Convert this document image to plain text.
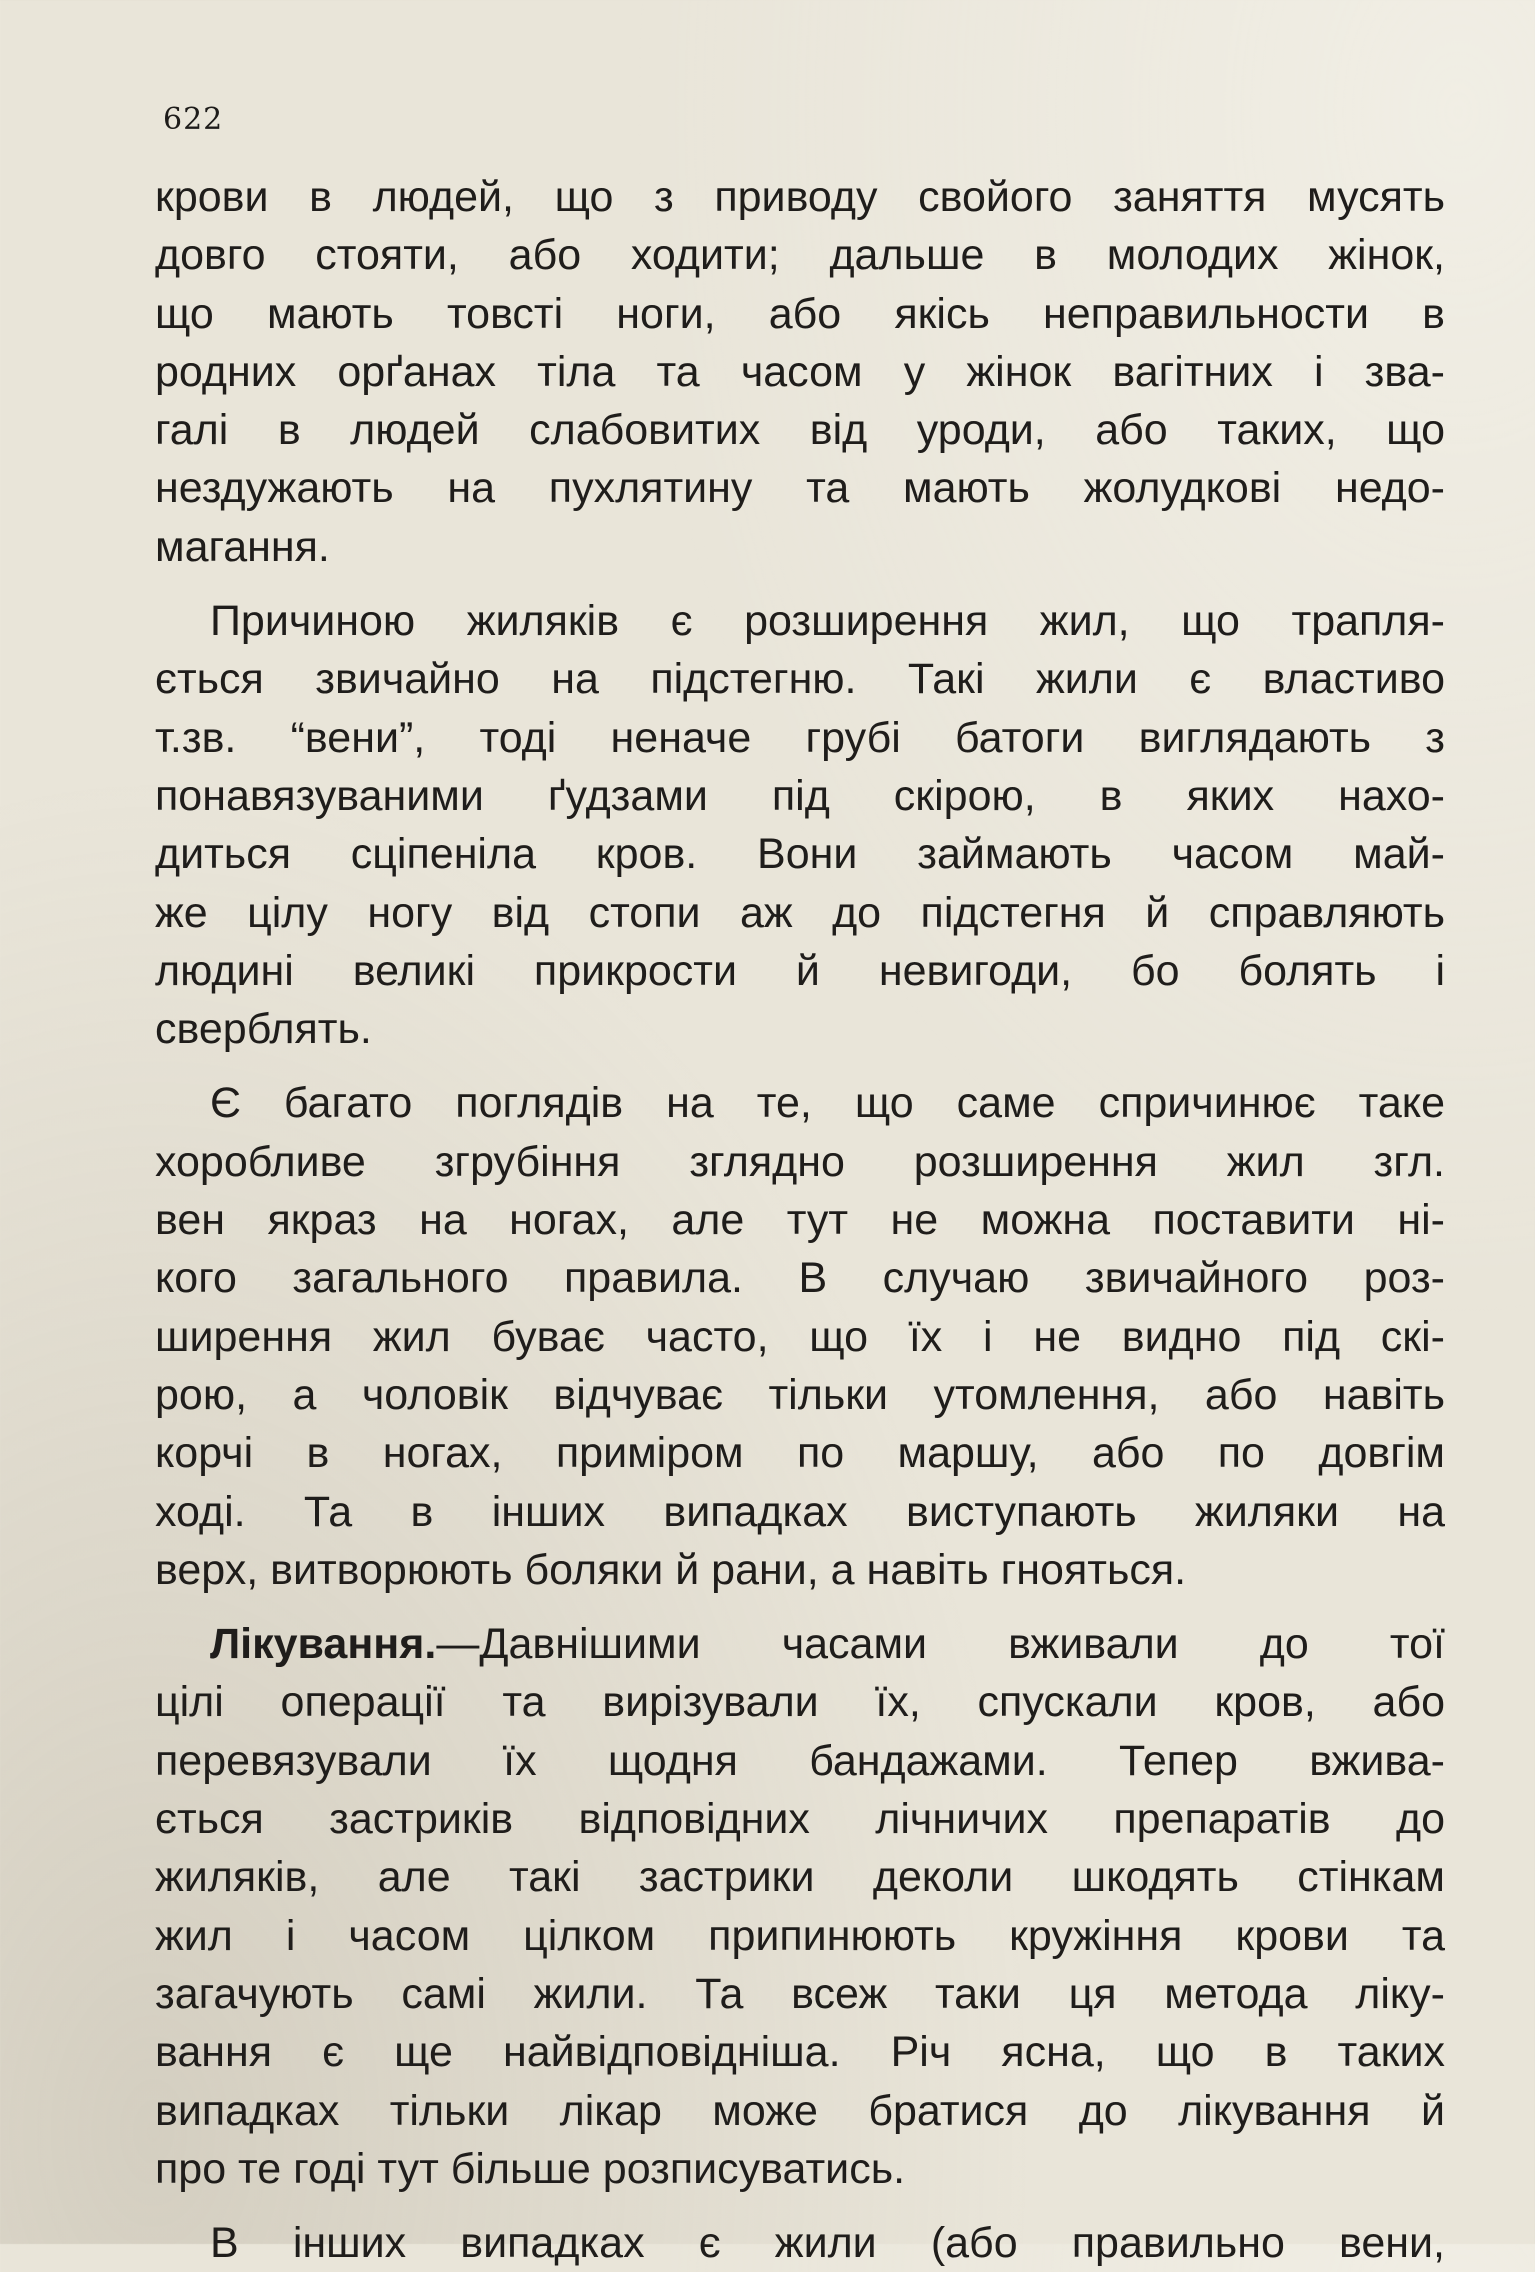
622
крови в людей, що з приводу свойого заняття мусять
довго стояти, або ходити; дальше в молодих жінок,
що мають товсті ноги, або якісь неправильности в
родних орґанах тіла та часом у жінок вагітних і зва-
галі в людей слабовитих від уроди, або таких, що
нездужають на пухлятину та мають жолудкові недо-
магання.
Причиною жиляків є розширення жил, що трапля-
ється звичайно на підстегню. Такі жили є властиво
т.зв. “вени”, тоді неначе грубі батоги виглядають з
понавязуваними ґудзами під скірою, в яких нахо-
диться сціпеніла кров. Вони займають часом май-
же цілу ногу від стопи аж до підстегня й справляють
людині великі прикрости й невигоди, бо болять і
сверблять.
Є багато поглядів на те, що саме спричинює таке
хоробливе згрубіння зглядно розширення жил згл.
вен якраз на ногах, але тут не можна поставити ні-
кого загального правила. В случаю звичайного роз-
ширення жил буває часто, що їх і не видно під скі-
рою, а чоловік відчуває тільки утомлення, або навіть
корчі в ногах, приміром по маршу, або по довгім
ході. Та в інших випадках виступають жиляки на
верх, витворюють боляки й рани, а навіть гнояться.
Лікування.—Давнішими часами вживали до тої
цілі операції та вирізували їх, спускали кров, або
перевязували їх щодня бандажами. Тепер вжива-
ється застриків відповідних лічничих препаратів до
жиляків, але такі застрики деколи шкодять стінкам
жил і часом цілком припинюють кружіння крови та
загачують самі жили. Та всеж таки ця метода ліку-
вання є ще найвідповідніша. Річ ясна, що в таких
випадках тільки лікар може братися до лікування й
про те годі тут більше розписуватись.
В інших випадках є жили (або правильно вени,
